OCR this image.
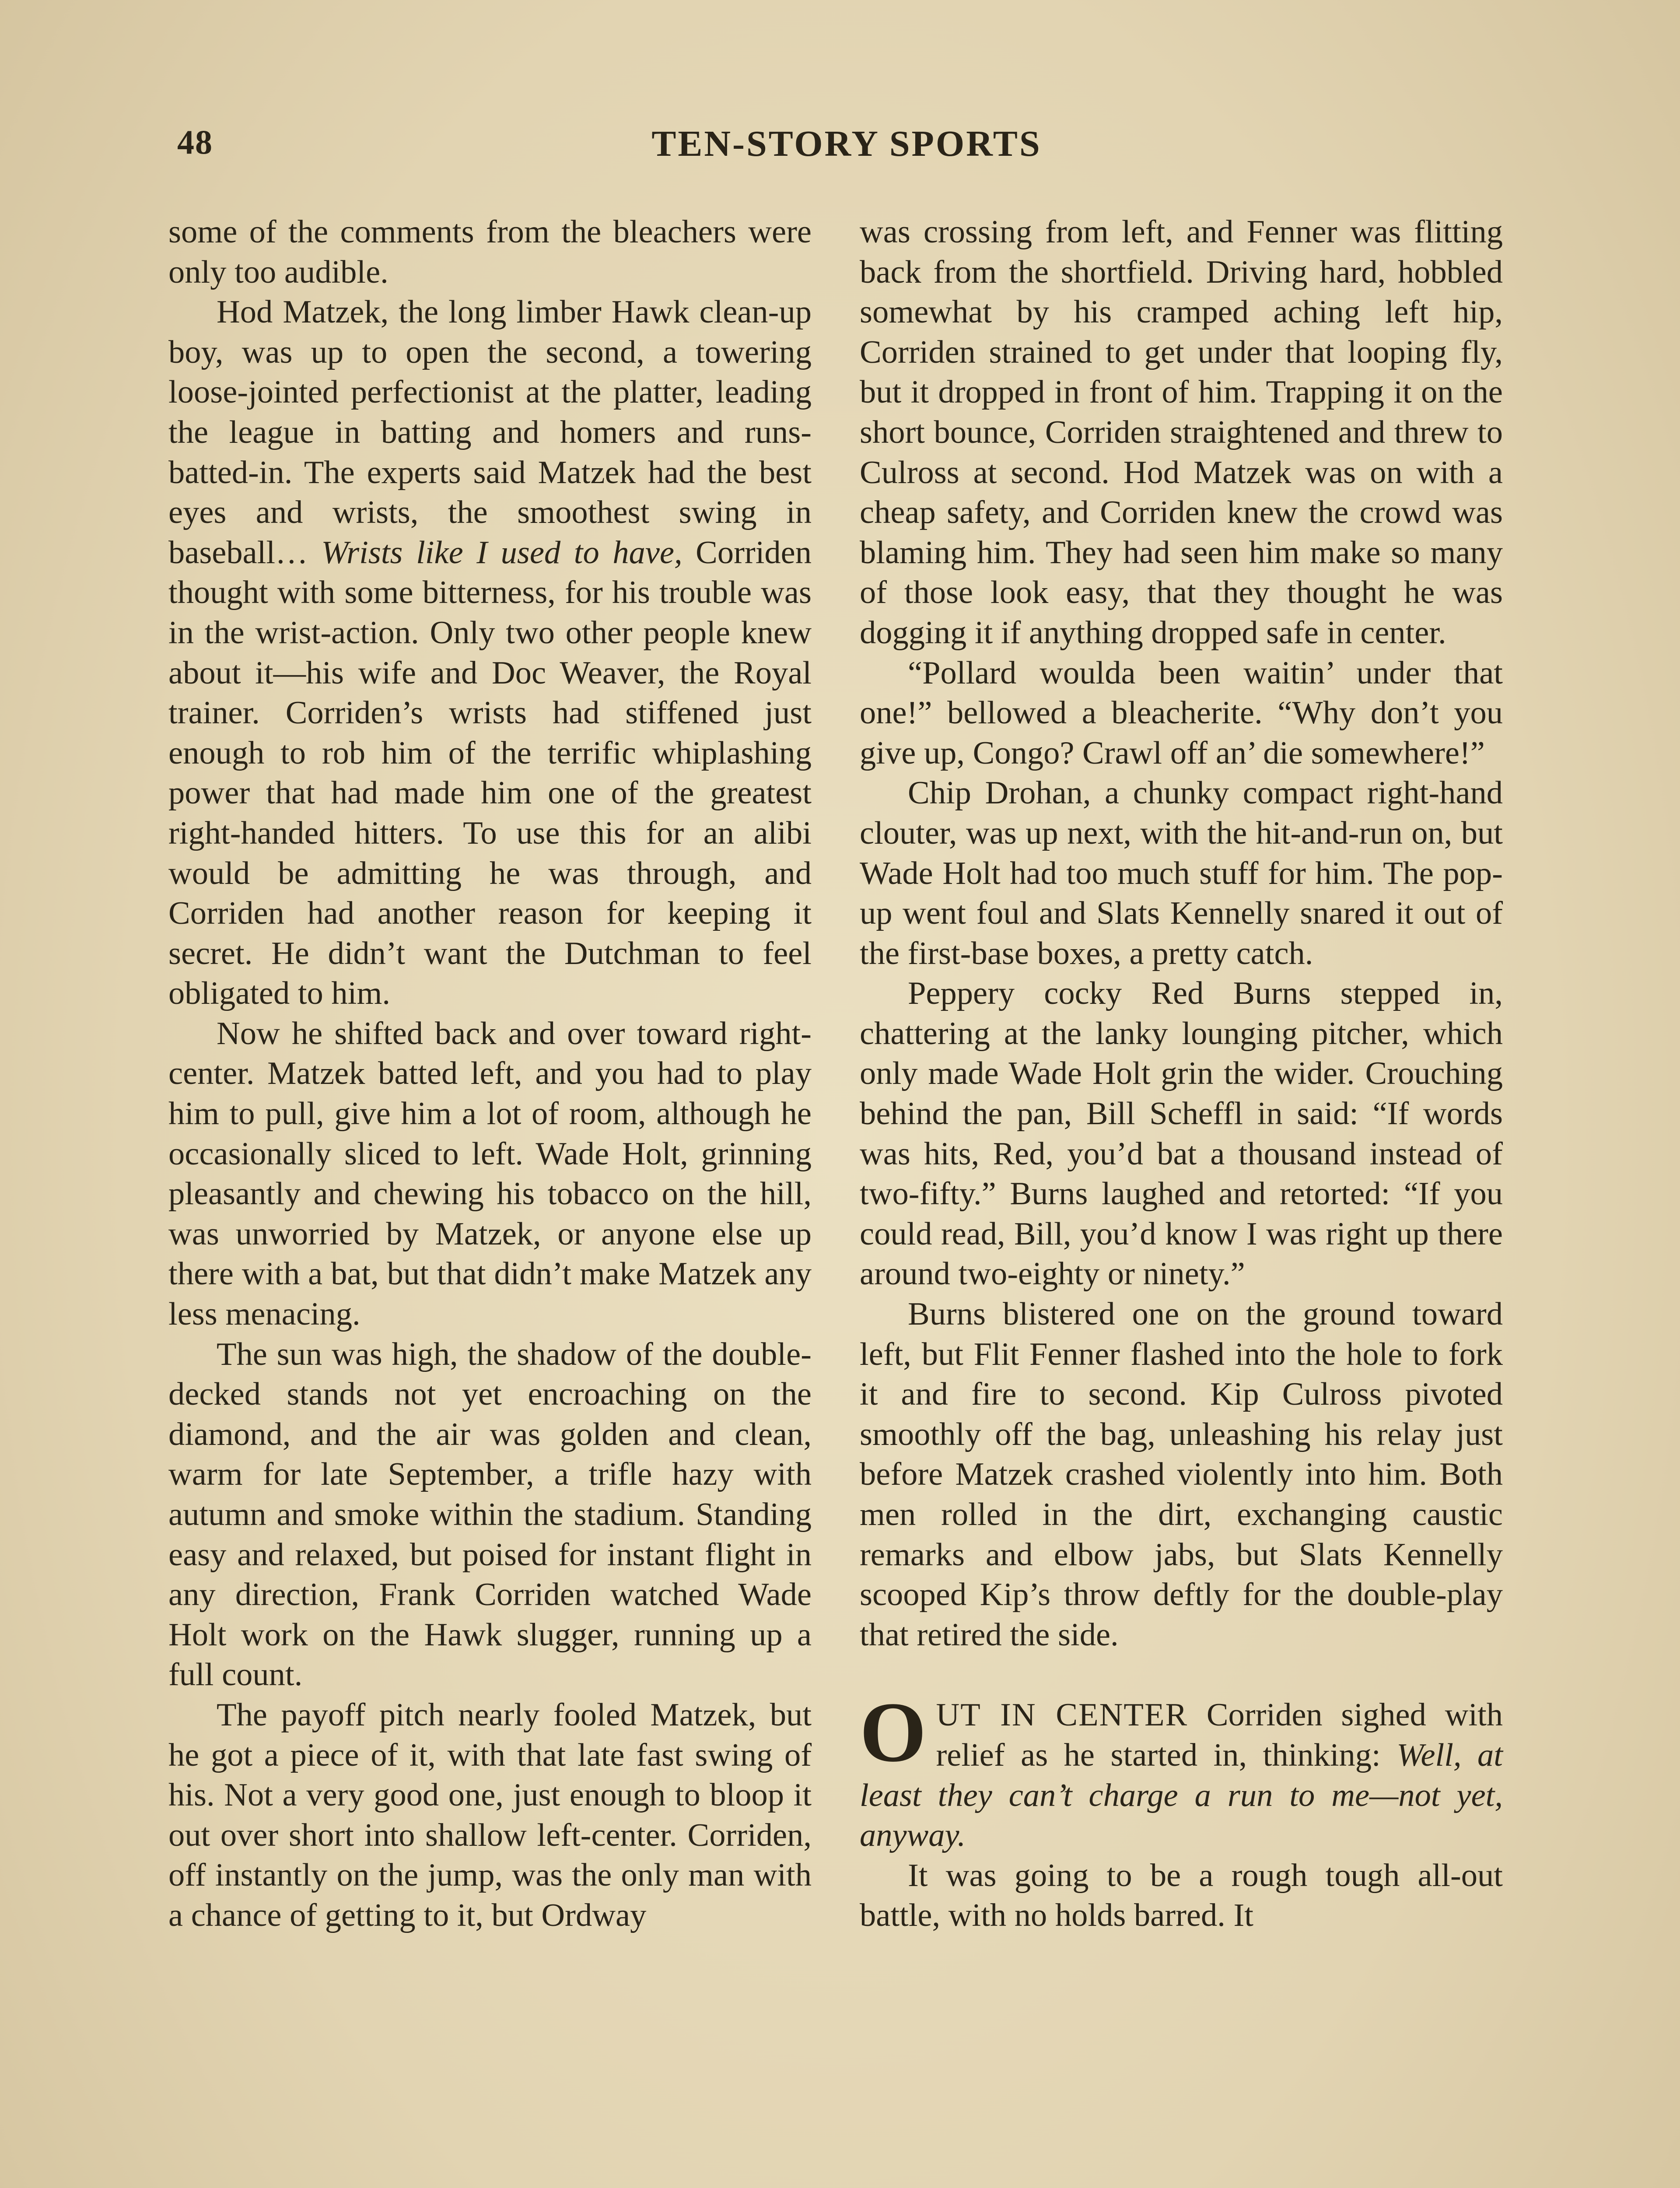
48	TEN-STORY SPORTS

some of the comments from the bleachers were only too audible.

Hod Matzek, the long limber Hawk clean-up boy, was up to open the second, a towering loose-jointed perfectionist at the platter, leading the league in batting and homers and runs-batted-in. The experts said Matzek had the best eyes and wrists, the smoothest swing in baseball… Wrists like I used to have, Corriden thought with some bitterness, for his trouble was in the wrist-action. Only two other people knew about it—his wife and Doc Weaver, the Royal trainer. Corriden’s wrists had stiffened just enough to rob him of the terrific whiplashing power that had made him one of the greatest right-handed hitters. To use this for an alibi would be admitting he was through, and Corriden had another reason for keeping it secret. He didn’t want the Dutchman to feel obligated to him.

Now he shifted back and over toward right-center. Matzek batted left, and you had to play him to pull, give him a lot of room, although he occasionally sliced to left. Wade Holt, grinning pleasantly and chewing his tobacco on the hill, was unworried by Matzek, or anyone else up there with a bat, but that didn’t make Matzek any less menacing.

The sun was high, the shadow of the double-decked stands not yet encroaching on the diamond, and the air was golden and clean, warm for late September, a trifle hazy with autumn and smoke within the stadium. Standing easy and relaxed, but poised for instant flight in any direction, Frank Corriden watched Wade Holt work on the Hawk slugger, running up a full count.

The payoff pitch nearly fooled Matzek, but he got a piece of it, with that late fast swing of his. Not a very good one, just enough to bloop it out over short into shallow left-center. Corriden, off instantly on the jump, was the only man with a chance of getting to it, but Ordway

was crossing from left, and Fenner was flitting back from the shortfield. Driving hard, hobbled somewhat by his cramped aching left hip, Corriden strained to get under that looping fly, but it dropped in front of him. Trapping it on the short bounce, Corriden straightened and threw to Culross at second. Hod Matzek was on with a cheap safety, and Corriden knew the crowd was blaming him. They had seen him make so many of those look easy, that they thought he was dogging it if anything dropped safe in center.

“Pollard woulda been waitin’ under that one!” bellowed a bleacherite. “Why don’t you give up, Congo? Crawl off an’ die somewhere!”

Chip Drohan, a chunky compact right-hand clouter, was up next, with the hit-and-run on, but Wade Holt had too much stuff for him. The pop-up went foul and Slats Kennelly snared it out of the first-base boxes, a pretty catch.

Peppery cocky Red Burns stepped in, chattering at the lanky lounging pitcher, which only made Wade Holt grin the wider. Crouching behind the pan, Bill Scheffl in said: “If words was hits, Red, you’d bat a thousand instead of two-fifty.” Burns laughed and retorted: “If you could read, Bill, you’d know I was right up there around two-eighty or ninety.”

Burns blistered one on the ground toward left, but Flit Fenner flashed into the hole to fork it and fire to second. Kip Culross pivoted smoothly off the bag, unleashing his relay just before Matzek crashed violently into him. Both men rolled in the dirt, exchanging caustic remarks and elbow jabs, but Slats Kennelly scooped Kip’s throw deftly for the double-play that retired the side.

OUT IN CENTER Corriden sighed with relief as he started in, thinking: Well, at least they can’t charge a run to me—not yet, anyway.

It was going to be a rough tough all-out battle, with no holds barred. It
